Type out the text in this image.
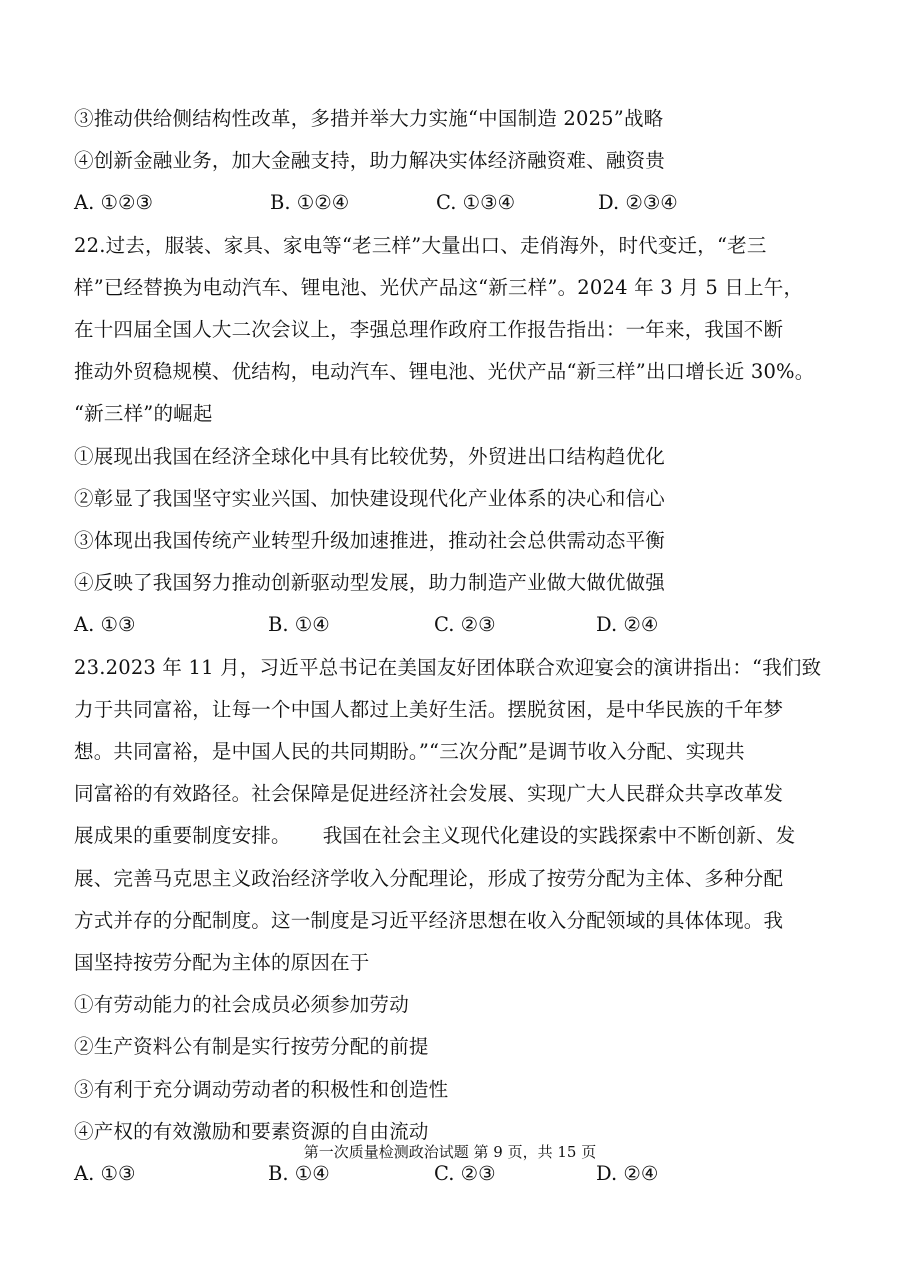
③推动供给侧结构性改革，多措并举大力实施“中国制造 2025”战略
④创新金融业务，加大金融支持，助力解决实体经济融资难、融资贵
A. ①②③	B. ①②④	C. ①③④	D. ②③④
22.过去，服装、家具、家电等“老三样”大量出口、走俏海外，时代变迁，“老三
样”已经替换为电动汽车、锂电池、光伏产品这“新三样”。2024 年 3 月 5 日上午，
在十四届全国人大二次会议上，李强总理作政府工作报告指出：一年来，我国不断
推动外贸稳规模、优结构，电动汽车、锂电池、光伏产品“新三样”出口增长近 30%。
“新三样”的崛起
①展现出我国在经济全球化中具有比较优势，外贸进出口结构趋优化
②彰显了我国坚守实业兴国、加快建设现代化产业体系的决心和信心
③体现出我国传统产业转型升级加速推进，推动社会总供需动态平衡
④反映了我国努力推动创新驱动型发展，助力制造产业做大做优做强
A. ①③	B. ①④	C. ②③	D. ②④
23.2023 年 11 月，习近平总书记在美国友好团体联合欢迎宴会的演讲指出：“我们致
力于共同富裕，让每一个中国人都过上美好生活。摆脱贫困，是中华民族的千年梦
想。共同富裕，是中国人民的共同期盼。”“三次分配”是调节收入分配、实现共
同富裕的有效路径。社会保障是促进经济社会发展、实现广大人民群众共享改革发
展成果的重要制度安排。 我国在社会主义现代化建设的实践探索中不断创新、发
展、完善马克思主义政治经济学收入分配理论，形成了按劳分配为主体、多种分配
方式并存的分配制度。这一制度是习近平经济思想在收入分配领域的具体体现。我
国坚持按劳分配为主体的原因在于
①有劳动能力的社会成员必须参加劳动
②生产资料公有制是实行按劳分配的前提
③有利于充分调动劳动者的积极性和创造性
④产权的有效激励和要素资源的自由流动
A. ①③	B. ①④	C. ②③	D. ②④
第一次质量检测政治试题 第 9 页，共 15 页
